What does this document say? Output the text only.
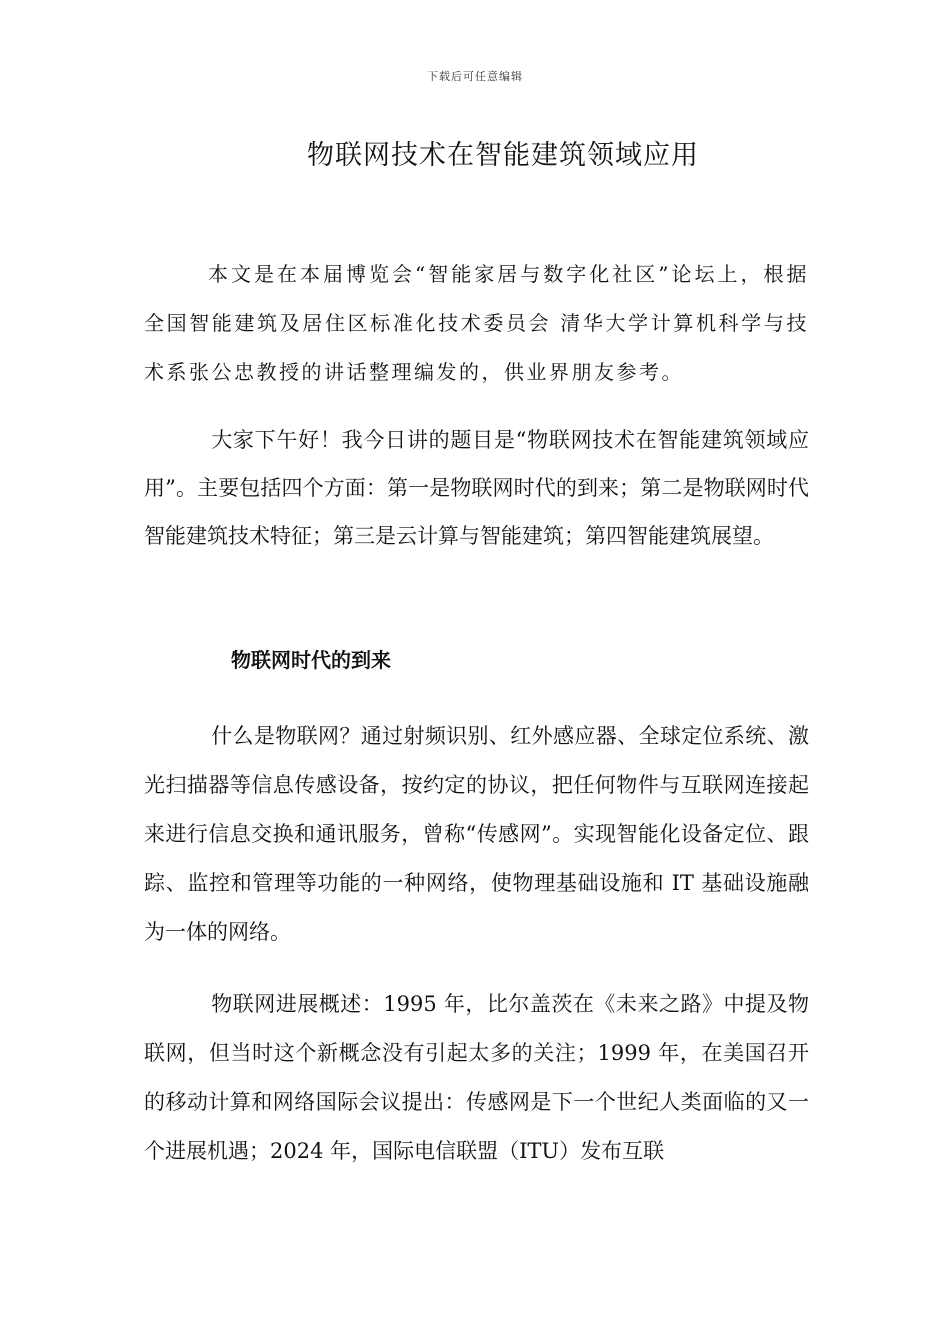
下载后可任意编辑
物联网技术在智能建筑领域应用

本文是在本届博览会“智能家居与数字化社区”论坛上，根据全国智能建筑及居住区标准化技术委员会 清华大学计算机科学与技术系张公忠教授的讲话整理编发的，供业界朋友参考。

大家下午好！我今日讲的题目是“物联网技术在智能建筑领域应用”。主要包括四个方面：第一是物联网时代的到来；第二是物联网时代智能建筑技术特征；第三是云计算与智能建筑；第四智能建筑展望。

物联网时代的到来

什么是物联网？通过射频识别、红外感应器、全球定位系统、激光扫描器等信息传感设备，按约定的协议，把任何物件与互联网连接起来进行信息交换和通讯服务，曾称“传感网”。实现智能化设备定位、跟踪、监控和管理等功能的一种网络，使物理基础设施和 IT 基础设施融为一体的网络。

物联网进展概述：1995 年，比尔盖茨在《未来之路》中提及物联网，但当时这个新概念没有引起太多的关注；1999 年，在美国召开的移动计算和网络国际会议提出：传感网是下一个世纪人类面临的又一个进展机遇；2024 年，国际电信联盟（ITU）发布互联
